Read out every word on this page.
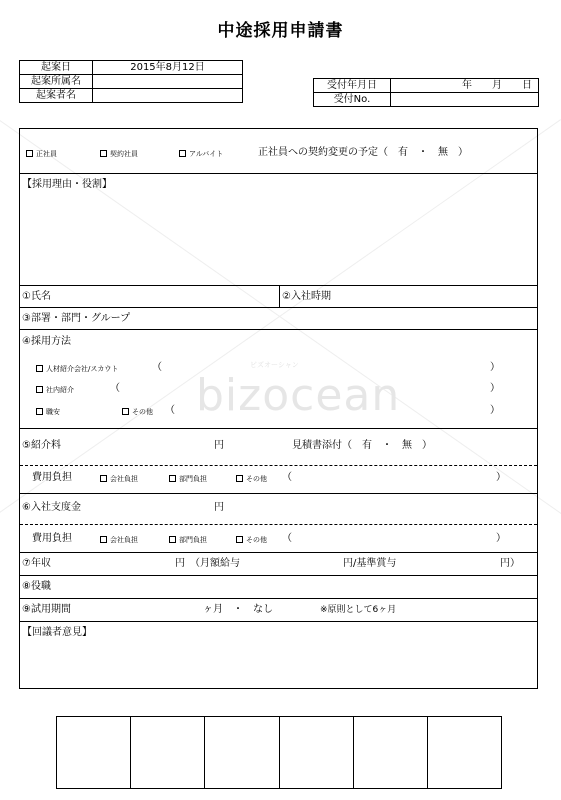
中途採用申請書
起案日	2015年8月12日
起案所属名	
起案者名	
受付年月日	年　　月　　日
受付No.	
正社員	契約社員	アルバイト	正社員への契約変更の予定（　有　・　無　）
【採用理由・役割】
①氏名	②入社時期
③部署・部門・グループ
④採用方法
人材紹介会社/スカウト	（	）
社内紹介	（	）
職安	その他 （	）
⑤紹介料	円	見積書添付（　有　・　無　）
費用負担	会社負担	部門負担	その他 （	）
⑥入社支度金	円
費用負担	会社負担	部門負担	その他 （	）
⑦年収	円　（月額給与	円/基準賞与	円）
⑧役職
⑨試用期間	ヶ月　・　なし	※原則として6ヶ月
【回議者意見】
ビズオーシャン
bizocean
